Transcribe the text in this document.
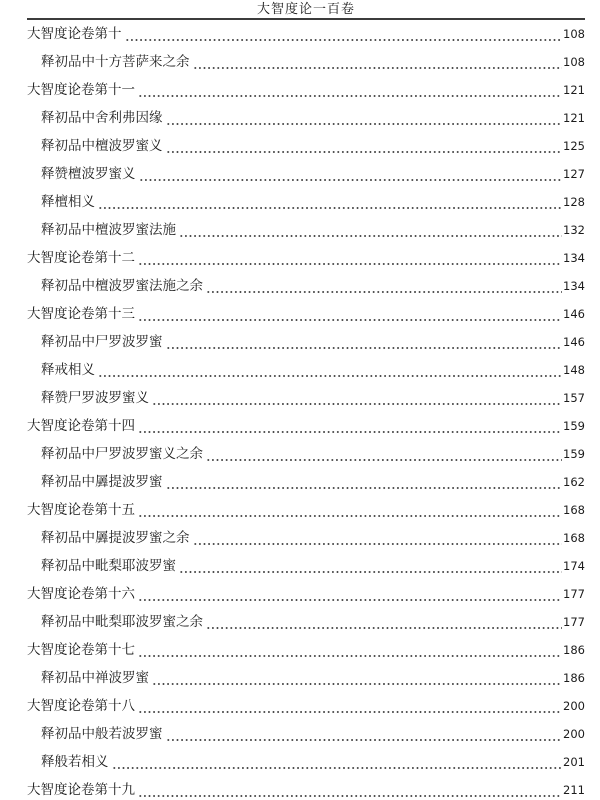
大智度论一百卷
大智度论卷第十	108
释初品中十方菩萨来之余	108
大智度论卷第十一	121
释初品中舍利弗因缘	121
释初品中檀波罗蜜义	125
释赞檀波罗蜜义	127
释檀相义	128
释初品中檀波罗蜜法施	132
大智度论卷第十二	134
释初品中檀波罗蜜法施之余	134
大智度论卷第十三	146
释初品中尸罗波罗蜜	146
释戒相义	148
释赞尸罗波罗蜜义	157
大智度论卷第十四	159
释初品中尸罗波罗蜜义之余	159
释初品中羼提波罗蜜	162
大智度论卷第十五	168
释初品中羼提波罗蜜之余	168
释初品中毗梨耶波罗蜜	174
大智度论卷第十六	177
释初品中毗梨耶波罗蜜之余	177
大智度论卷第十七	186
释初品中禅波罗蜜	186
大智度论卷第十八	200
释初品中般若波罗蜜	200
释般若相义	201
大智度论卷第十九	211
